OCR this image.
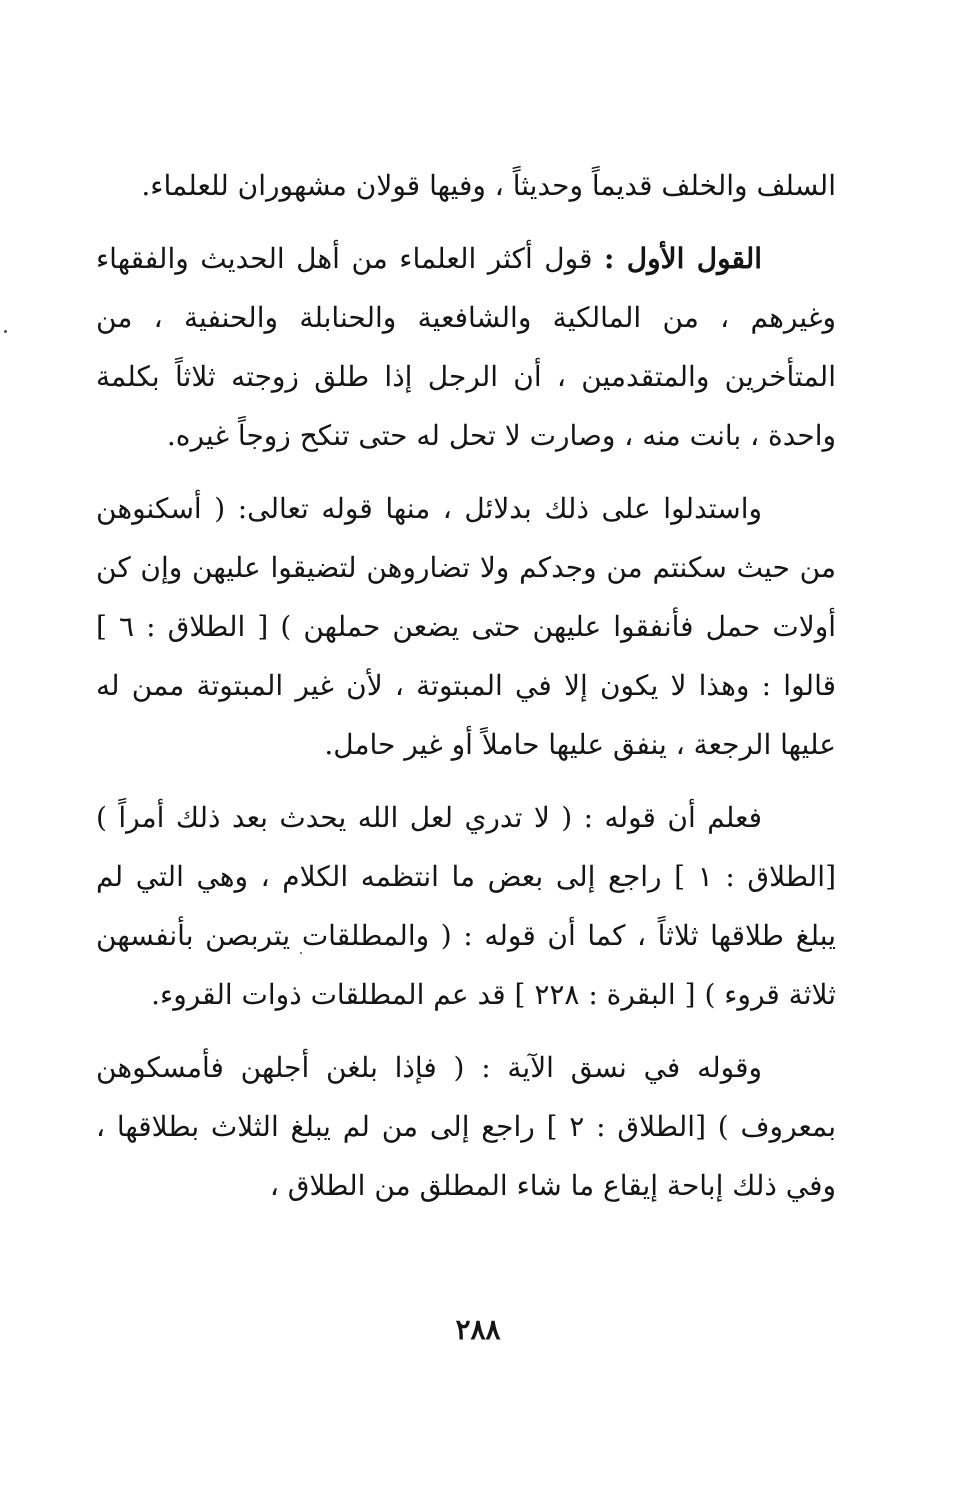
السلف والخلف قديماً وحديثاً ، وفيها قولان مشهوران للعلماء.

القول الأول : قول أكثر العلماء من أهل الحديث والفقهاء وغيرهم ، من المالكية والشافعية والحنابلة والحنفية ، من المتأخرين والمتقدمين ، أن الرجل إذا طلق زوجته ثلاثاً بكلمة واحدة ، بانت منه ، وصارت لا تحل له حتى تنكح زوجاً غيره.

واستدلوا على ذلك بدلائل ، منها قوله تعالى: ( أسكنوهن من حيث سكنتم من وجدكم ولا تضاروهن لتضيقوا عليهن وإن كن أولات حمل فأنفقوا عليهن حتى يضعن حملهن ) [ الطلاق : ٦ ] قالوا : وهذا لا يكون إلا في المبتوتة ، لأن غير المبتوتة ممن له عليها الرجعة ، ينفق عليها حاملاً أو غير حامل.

فعلم أن قوله : ( لا تدري لعل الله يحدث بعد ذلك أمراً ) [الطلاق : ١ ] راجع إلى بعض ما انتظمه الكلام ، وهي التي لم يبلغ طلاقها ثلاثاً ، كما أن قوله : ( والمطلقات يتربصن بأنفسهن ثلاثة قروء ) [ البقرة : ٢٢٨ ] قد عم المطلقات ذوات القروء.

وقوله في نسق الآية : ( فإذا بلغن أجلهن فأمسكوهن بمعروف ) [الطلاق : ٢ ] راجع إلى من لم يبلغ الثلاث بطلاقها ، وفي ذلك إباحة إيقاع ما شاء المطلق من الطلاق ،

٢٨٨
